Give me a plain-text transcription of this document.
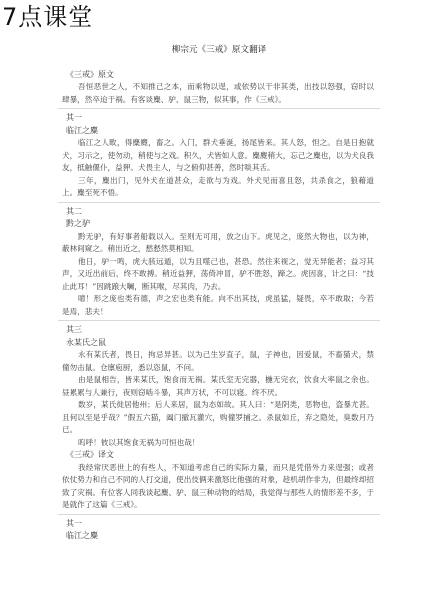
7点课堂
柳宗元《三戒》原文翻译
《三戒》原文
吾恒恶世之人，不知推己之本，而乘物以逞，或依势以干非其类，出技以怒强，窃时以肆暴，然卒迨于祸。有客谈麋、驴、鼠三物，似其事，作《三戒》。
其一
临江之麋
临江之人畋，得麋麑，畜之。入门，群犬垂涎，扬尾皆来。其人怒，怛之。自是日抱就犬，习示之，使勿动，稍使与之戏。积久，犬皆如人意。麋麑稍大，忘己之麋也，以为犬良我友，抵触偃仆，益狎。犬畏主人，与之俯仰甚善，然时啖其舌。
三年，麋出门，见外犬在道甚众，走欲与为戏。外犬见而喜且怒，共杀食之，狼藉道上。麋至死不悟。
其二
黔之驴
黔无驴，有好事者船载以入。至则无可用，放之山下。虎见之，庞然大物也，以为神，蔽林间窥之。稍出近之，慭慭然莫相知。
他日，驴一鸣，虎大骇远遁，以为且噬己也，甚恐。然往来视之，觉无异能者；益习其声，又近出前后，终不敢搏。稍近益狎，荡倚冲冒，驴不胜怒，蹄之。虎因喜，计之曰：“技止此耳！”因跳踉大㘎，断其喉，尽其肉，乃去。
噫！形之庞也类有德，声之宏也类有能。向不出其技，虎虽猛，疑畏，卒不敢取；今若是焉，悲夫！
其三
永某氏之鼠
永有某氏者，畏日，拘忌异甚。以为己生岁直子，鼠，子神也，因爱鼠，不畜猫犬，禁僮勿击鼠。仓廪庖厨，悉以恣鼠，不问。
由是鼠相告，皆来某氏，饱食而无祸。某氏室无完器，椸无完衣，饮食大率鼠之余也。昼累累与人兼行，夜则窃啮斗暴，其声万状，不可以寝。终不厌。
数岁，某氏徙居他州；后人来居，鼠为态如故。其人曰：“是阴类，恶物也，盗暴尤甚。且何以至是乎哉？”假五六猫，阖门撤瓦灌穴，购僮罗捕之。杀鼠如丘，弃之隐处，臭数月乃已。
呜呼！彼以其饱食无祸为可恒也哉！
《三戒》译文
我经常厌恶世上的有些人，不知道考虑自己的实际力量，而只是凭借外力来逞强；或者依仗势力和自己不同的人打交道，使出伎俩来激怒比他强的对象，趁机胡作非为，但最终却招致了灾祸。有位客人同我谈起麋、驴、鼠三种动物的结局，我觉得与那些人的情形差不多，于是就作了这篇《三戒》。
其一
临江之麋
